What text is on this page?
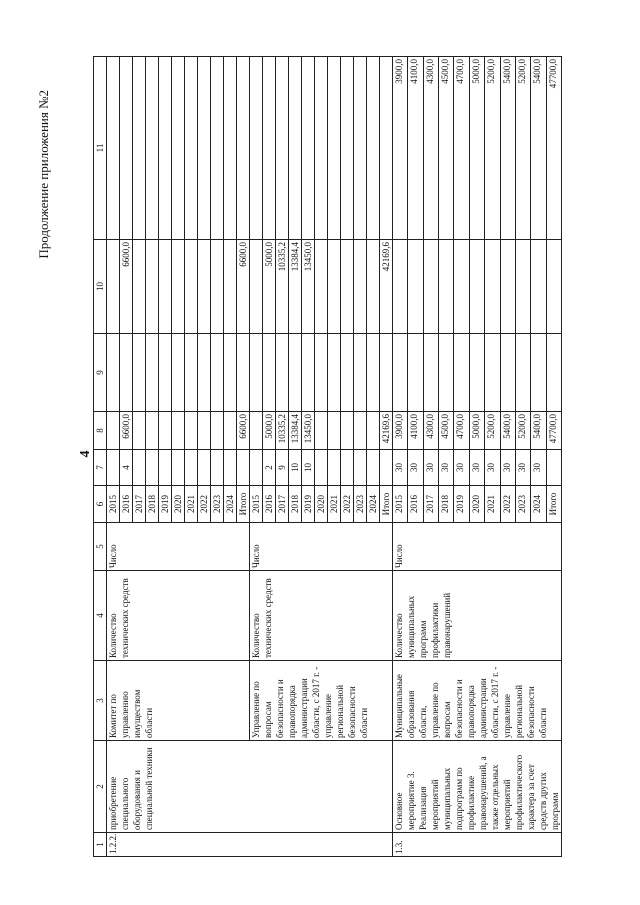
4
Продолжение приложения №2
1	2	3	4	5	6	7	8	9	10	11	
1.2.2.	приобретение специального оборудования и специальной техники	Комитет по управлению имуществом области	Количество технических средств	Число	2015						
					2016	4	6600,0		6600,0		
					2017						
					2018						
					2019						
					2020						
					2021						
					2022						
					2023						
					2024						
					Итого		6600,0		6600,0		
		Управление по вопросам безопасности и правопорядка администрации области, с 2017 г. - управление региональной безопасности области	Количество технических средств	Число	2015						
					2016	2	5000,0		5000,0		
					2017	9	10335,2		10335,2		
					2018	10	13384,4		13384,4		
					2019	10	13450,0		13450,0		
					2020						
					2021						
					2022						
					2023						
					2024						
					Итого		42169,6		42169,6		
1.3.	Основное мероприятие 3. Реализация мероприятий муниципальных подпрограмм по профилактике правонарушений, а также отдельных мероприятий профилактического характера за счет средств других программ	Муниципальные образования области, управление по вопросам безопасности и правопорядка администрации области, с 2017 г. - управление региональной безопасности области	Количество муниципальных программ профилактики правонарушений	Число	2015	30	3900,0			3900,0	
					2016	30	4100,0			4100,0	
					2017	30	4300,0			4300,0	
					2018	30	4500,0			4500,0	
					2019	30	4700,0			4700,0	
					2020	30	5000,0			5000,0	
					2021	30	5200,0			5200,0	
					2022	30	5400,0			5400,0	
					2023	30	5200,0			5200,0	
					2024	30	5400,0			5400,0	
					Итого		47700,0			47700,0	
